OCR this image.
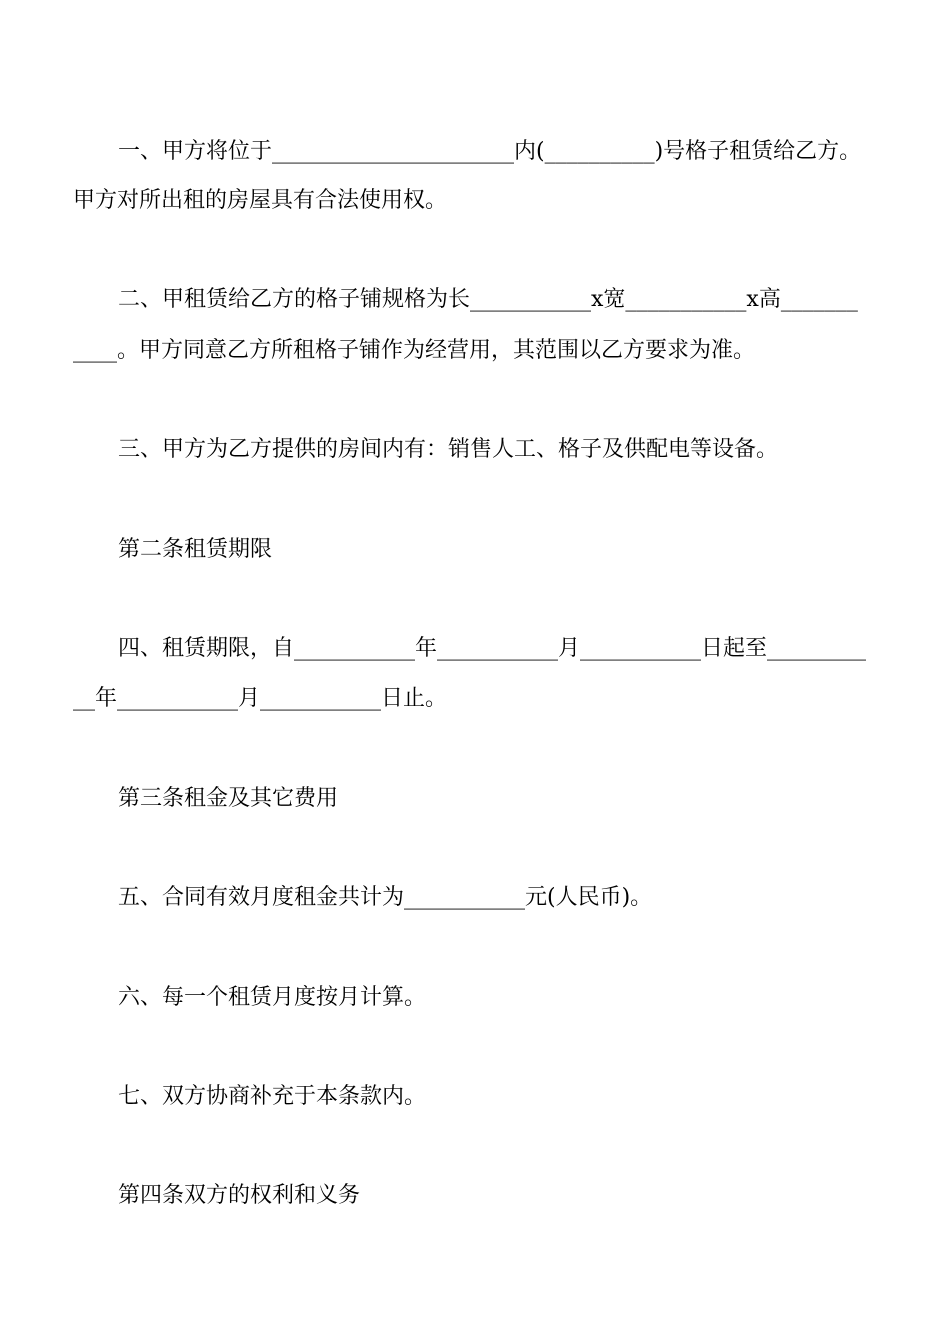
一、甲方将位于______________________内(__________)号格子租赁给乙方。
甲方对所出租的房屋具有合法使用权。
二、甲租赁给乙方的格子铺规格为长___________x宽___________x高_______
____。甲方同意乙方所租格子铺作为经营用，其范围以乙方要求为准。
三、甲方为乙方提供的房间内有：销售人工、格子及供配电等设备。
第二条租赁期限
四、租赁期限，自___________年___________月___________日起至_________
__年___________月___________日止。
第三条租金及其它费用
五、合同有效月度租金共计为___________元(人民币)。
六、每一个租赁月度按月计算。
七、双方协商补充于本条款内。
第四条双方的权利和义务
